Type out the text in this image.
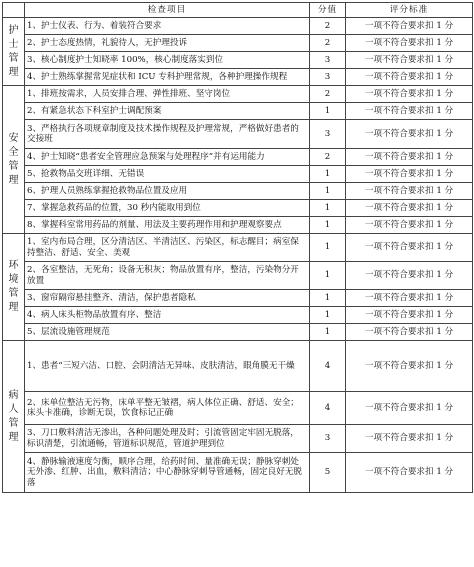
	检查项目	分值	评分标准

护士管理	1、护士仪表、行为、着装符合要求	2	一项不符合要求扣 1 分
	2、护士态度热情，礼貌待人，无护理投诉	2	一项不符合要求扣 1 分
	3、核心制度护士知晓率 100%，核心制度落实到位	3	一项不符合要求扣 1 分
	4、护士熟练掌握常见症状和 ICU 专科护理常规，各种护理操作规程	3	一项不符合要求扣 1 分

安全管理	1、排班按需求，人员安排合理、弹性排班、坚守岗位	2	一项不符合要求扣 1 分
	2、有紧急状态下科室护士调配预案	1	一项不符合要求扣 1 分
	3、严格执行各项规章制度及技术操作规程及护理常规，严格做好患者的交接班	3	一项不符合要求扣 1 分
	4、护士知晓“患者安全管理应急预案与处理程序”并有运用能力	2	一项不符合要求扣 1 分
	5、抢救物品交班详细、无错误	1	一项不符合要求扣 1 分
	6、护理人员熟练掌握抢救物品位置及应用	1	一项不符合要求扣 1 分
	7、掌握急救药品的位置，30 秒内能取用到位	1	一项不符合要求扣 1 分
	8、掌握科室常用药品的剂量、用法及主要药理作用和护理观察要点	1	一项不符合要求扣 1 分

环境管理	1、室内布局合理，区分清洁区、半清洁区、污染区，标志醒目；病室保持整洁、舒适、安全、美观	1	一项不符合要求扣 1 分
	2、各室整洁，无死角；设备无积灰；物品放置有序，整洁，污染物分开放置	1	一项不符合要求扣 1 分
	3、窗帘隔帘悬挂整齐、清洁，保护患者隐私	1	一项不符合要求扣 1 分
	4、病人床头柜物品放置有序、整洁	1	一项不符合要求扣 1 分
	5、层流设施管理规范	1	一项不符合要求扣 1 分

病人管理	1、患者“三短六洁、口腔、会阴清洁无异味、皮肤清洁，眼角膜无干燥	4	一项不符合要求扣 1 分
	2、床单位整洁无污物，床单平整无皱褶，病人体位正确、舒适、安全；床头卡准确，诊断无误，饮食标记正确	4	一项不符合要求扣 1 分
	3、刀口敷料清洁无渗出，各种问题处理及时；引流管固定牢固无脱落，标识清楚，引流通畅，管道标识规范，管道护理到位	3	一项不符合要求扣 1 分
	4、静脉输液速度匀衡，顺序合理，给药时间、量准确无误；静脉穿刺处无外渗、红肿、出血，敷料清洁；中心静脉穿刺导管通畅，固定良好无脱落	5	一项不符合要求扣 1 分
